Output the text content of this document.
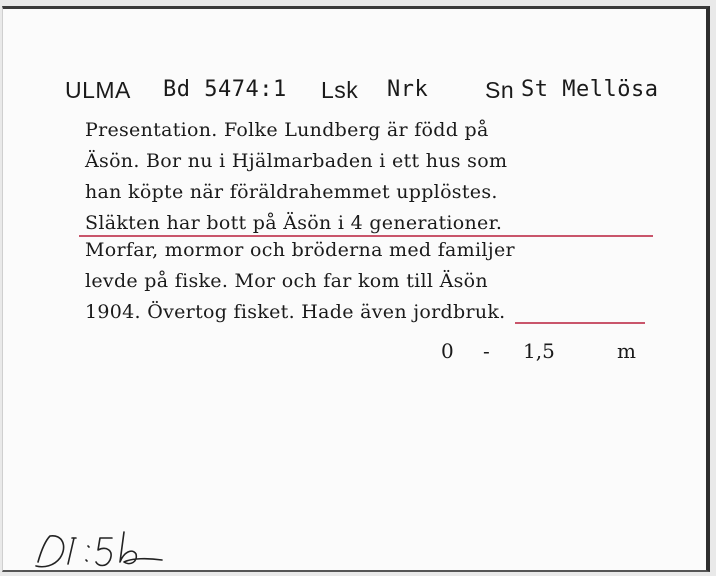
ULMA Bd 5474:1 Lsk Nrk Sn St Mellösa
Presentation. Folke Lundberg är född på
Äsön. Bor nu i Hjälmarbaden i ett hus som
han köpte när föräldrahemmet upplöstes.
Släkten har bott på Äsön i 4 generationer.
Morfar, mormor och bröderna med familjer
levde på fiske. Mor och far kom till Äsön
1904. Övertog fisket. Hade även jordbruk.
0 - 1,5	m
